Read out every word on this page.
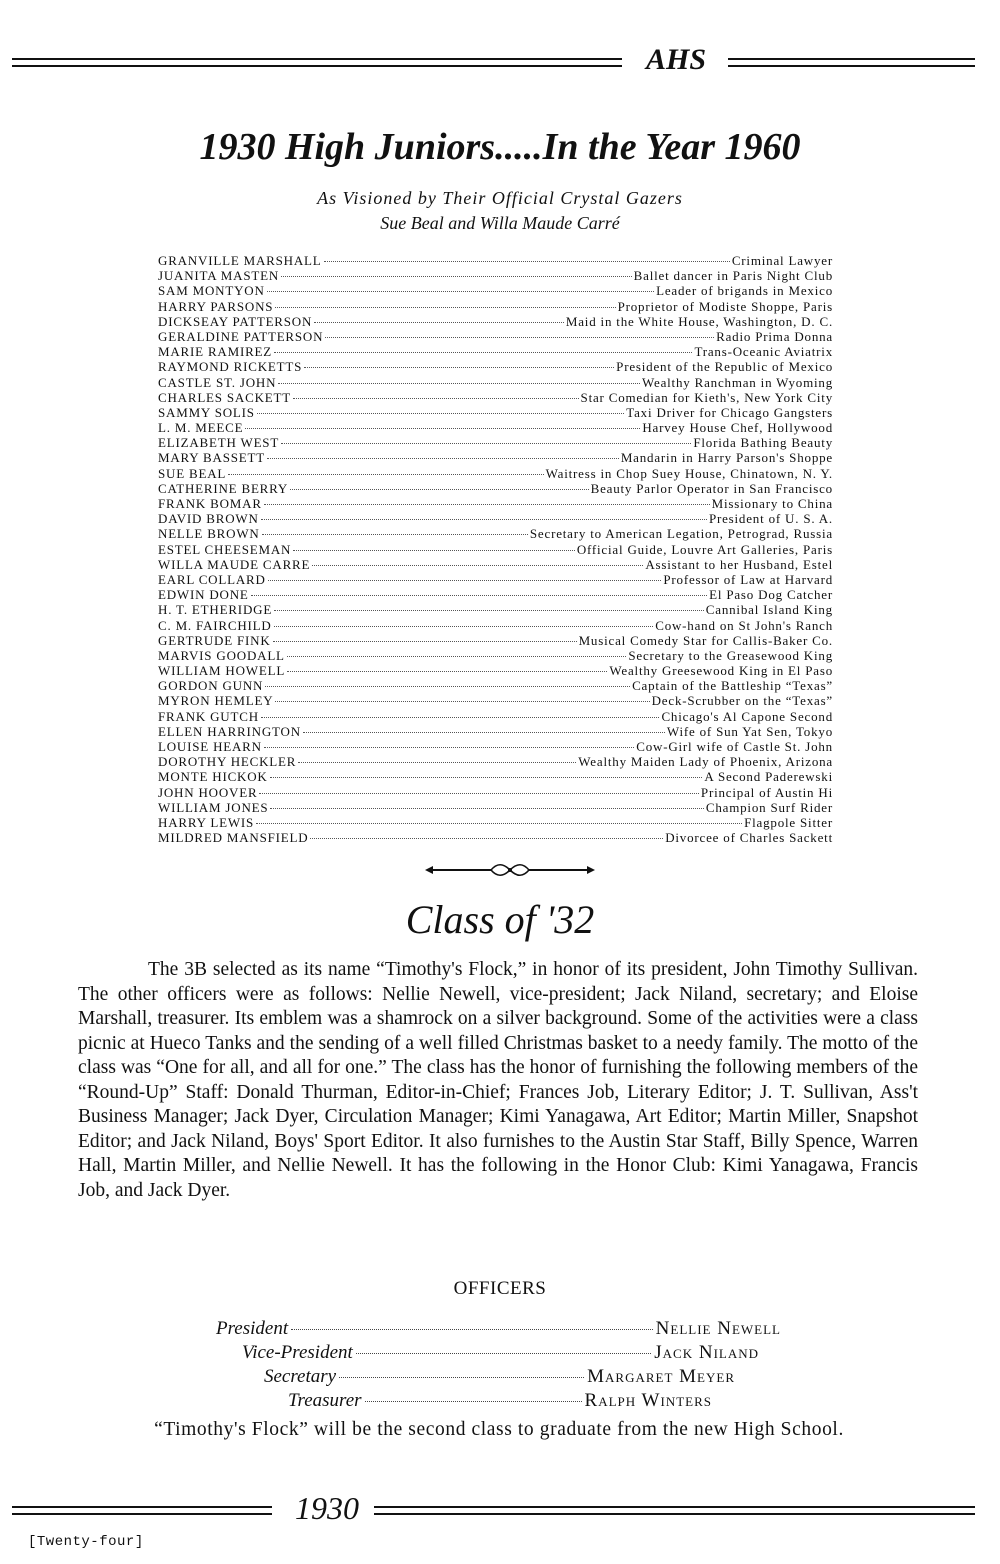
AHS
1930 High Juniors.....In the Year 1960
As Visioned by Their Official Crystal Gazers
Sue Beal and Willa Maude Carré
GRANVILLE MARSHALL	Criminal Lawyer
JUANITA MASTEN	Ballet dancer in Paris Night Club
SAM MONTYON	Leader of brigands in Mexico
HARRY PARSONS	Proprietor of Modiste Shoppe, Paris
DICKSEAY PATTERSON	Maid in the White House, Washington, D. C.
GERALDINE PATTERSON	Radio Prima Donna
MARIE RAMIREZ	Trans-Oceanic Aviatrix
RAYMOND RICKETTS	President of the Republic of Mexico
CASTLE ST. JOHN	Wealthy Ranchman in Wyoming
CHARLES SACKETT	Star Comedian for Kieth's, New York City
SAMMY SOLIS	Taxi Driver for Chicago Gangsters
L. M. MEECE	Harvey House Chef, Hollywood
ELIZABETH WEST	Florida Bathing Beauty
MARY BASSETT	Mandarin in Harry Parson's Shoppe
SUE BEAL	Waitress in Chop Suey House, Chinatown, N. Y.
CATHERINE BERRY	Beauty Parlor Operator in San Francisco
FRANK BOMAR	Missionary to China
DAVID BROWN	President of U. S. A.
NELLE BROWN	Secretary to American Legation, Petrograd, Russia
ESTEL CHEESEMAN	Official Guide, Louvre Art Galleries, Paris
WILLA MAUDE CARRE	Assistant to her Husband, Estel
EARL COLLARD	Professor of Law at Harvard
EDWIN DONE	El Paso Dog Catcher
H. T. ETHERIDGE	Cannibal Island King
C. M. FAIRCHILD	Cow-hand on St John's Ranch
GERTRUDE FINK	Musical Comedy Star for Callis-Baker Co.
MARVIS GOODALL	Secretary to the Greasewood King
WILLIAM HOWELL	Wealthy Greesewood King in El Paso
GORDON GUNN	Captain of the Battleship “Texas”
MYRON HEMLEY	Deck-Scrubber on the “Texas”
FRANK GUTCH	Chicago's Al Capone Second
ELLEN HARRINGTON	Wife of Sun Yat Sen, Tokyo
LOUISE HEARN	Cow-Girl wife of Castle St. John
DOROTHY HECKLER	Wealthy Maiden Lady of Phoenix, Arizona
MONTE HICKOK	A Second Paderewski
JOHN HOOVER	Principal of Austin Hi
WILLIAM JONES	Champion Surf Rider
HARRY LEWIS	Flagpole Sitter
MILDRED MANSFIELD	Divorcee of Charles Sackett
Class of '32

The 3B selected as its name “Timothy's Flock,” in honor of its president, John Timothy Sullivan. The other officers were as follows: Nellie Newell, vice-president; Jack Niland, secretary; and Eloise Marshall, treasurer. Its emblem was a shamrock on a silver background. Some of the activities were a class picnic at Hueco Tanks and the sending of a well filled Christmas basket to a needy family. The motto of the class was “One for all, and all for one.” The class has the honor of furnishing the following members of the “Round-Up” Staff: Donald Thurman, Editor-in-Chief; Frances Job, Literary Editor; J. T. Sullivan, Ass't Business Manager; Jack Dyer, Circulation Manager; Kimi Yanagawa, Art Editor; Martin Miller, Snapshot Editor; and Jack Niland, Boys' Sport Editor. It also furnishes to the Austin Star Staff, Billy Spence, Warren Hall, Martin Miller, and Nellie Newell. It has the following in the Honor Club: Kimi Yanagawa, Francis Job, and Jack Dyer.

OFFICERS
President	Nellie Newell
Vice-President	Jack Niland
Secretary	Margaret Meyer
Treasurer	Ralph Winters
“Timothy's Flock” will be the second class to graduate from the new High School.
1930
[Twenty-four]
